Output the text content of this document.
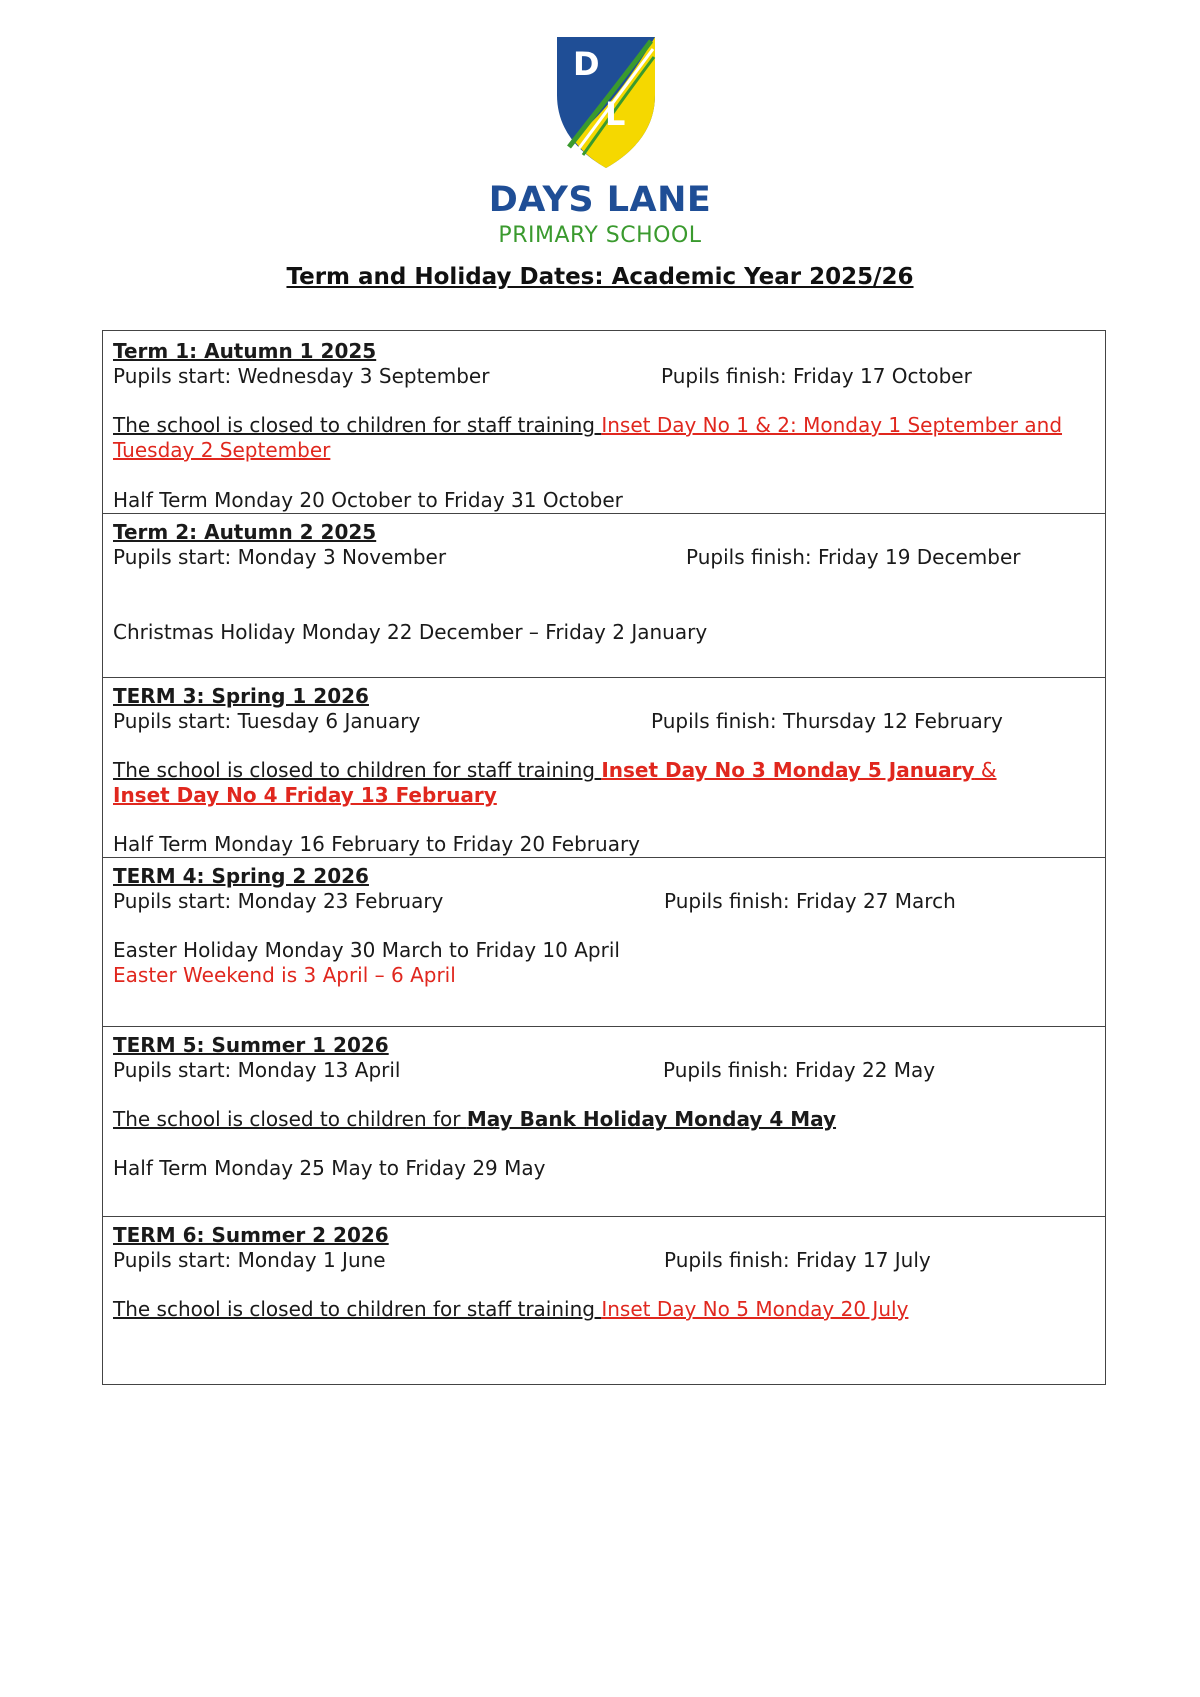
D
L
DAYS LANE
PRIMARY SCHOOL
Term and Holiday Dates: Academic Year 2025/26
Term 1: Autumn 1 2025
Pupils start: Wednesday 3 September	Pupils finish: Friday 17 October
The school is closed to children for staff training Inset Day No 1 & 2: Monday 1 September and
Tuesday 2 September
Half Term Monday 20 October to Friday 31 October
Term 2: Autumn 2 2025
Pupils start: Monday 3 November	Pupils finish: Friday 19 December
Christmas Holiday Monday 22 December – Friday 2 January
TERM 3: Spring 1 2026
Pupils start: Tuesday 6 January	Pupils finish: Thursday 12 February
The school is closed to children for staff training Inset Day No 3 Monday 5 January &
Inset Day No 4 Friday 13 February
Half Term Monday 16 February to Friday 20 February
TERM 4: Spring 2 2026
Pupils start: Monday 23 February	Pupils finish: Friday 27 March
Easter Holiday Monday 30 March to Friday 10 April
Easter Weekend is 3 April – 6 April
TERM 5: Summer 1 2026
Pupils start: Monday 13 April	Pupils finish: Friday 22 May
The school is closed to children for May Bank Holiday Monday 4 May
Half Term Monday 25 May to Friday 29 May
TERM 6: Summer 2 2026
Pupils start: Monday 1 June	Pupils finish: Friday 17 July
The school is closed to children for staff training Inset Day No 5 Monday 20 July
